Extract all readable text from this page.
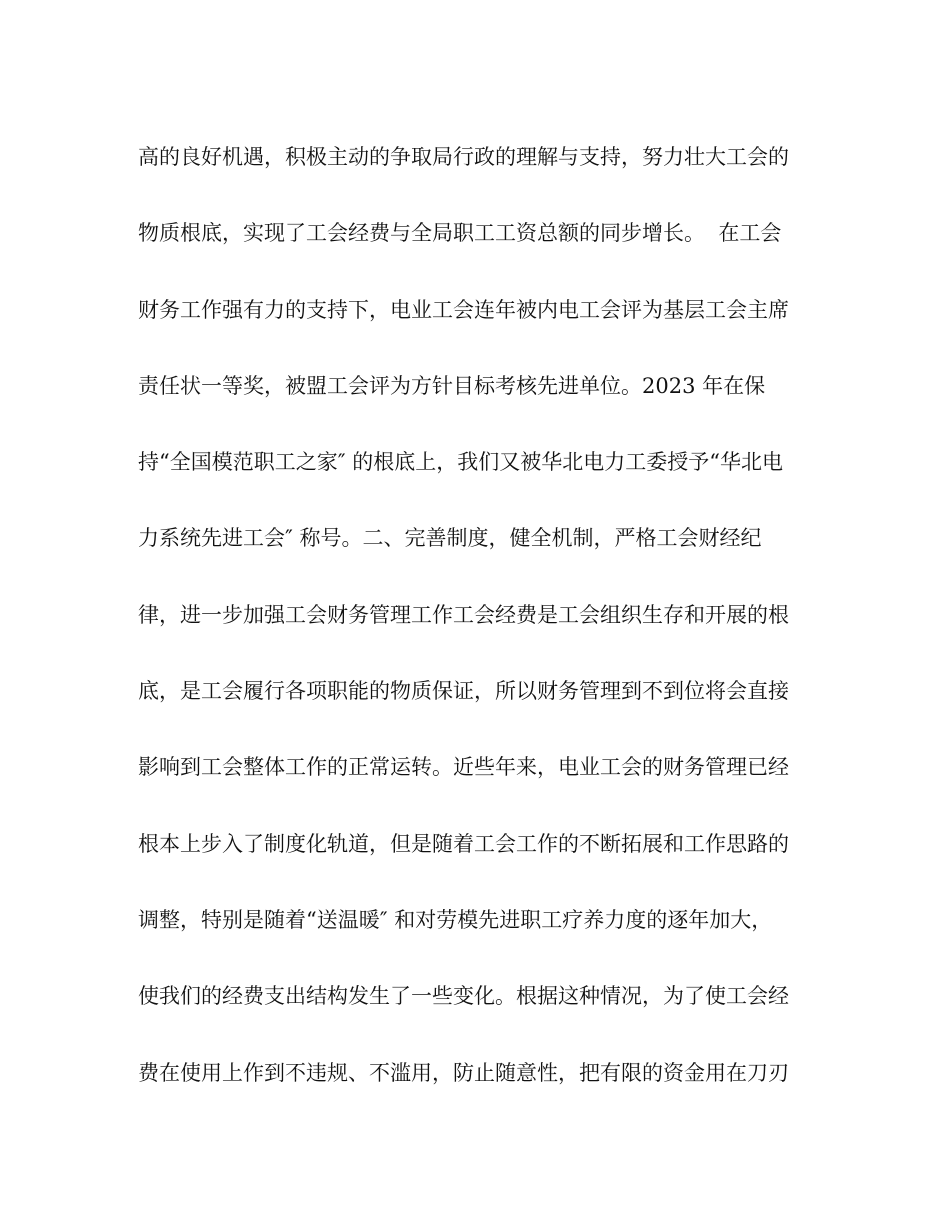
高的良好机遇，积极主动的争取局行政的理解与支持，努力壮大工会的
物质根底，实现了工会经费与全局职工工资总额的同步增长。  在工会
财务工作强有力的支持下，电业工会连年被内电工会评为基层工会主席
责任状一等奖，被盟工会评为方针目标考核先进单位。2023 年在保
持“全国模范职工之家″ 的根底上，我们又被华北电力工委授予“华北电
力系统先进工会″ 称号。二、完善制度，健全机制，严格工会财经纪
律，进一步加强工会财务管理工作工会经费是工会组织生存和开展的根
底，是工会履行各项职能的物质保证，所以财务管理到不到位将会直接
影响到工会整体工作的正常运转。近些年来，电业工会的财务管理已经
根本上步入了制度化轨道，但是随着工会工作的不断拓展和工作思路的
调整，特别是随着“送温暖″ 和对劳模先进职工疗养力度的逐年加大，
使我们的经费支出结构发生了一些变化。根据这种情况，为了使工会经
费在使用上作到不违规、不滥用，防止随意性，把有限的资金用在刀刃
